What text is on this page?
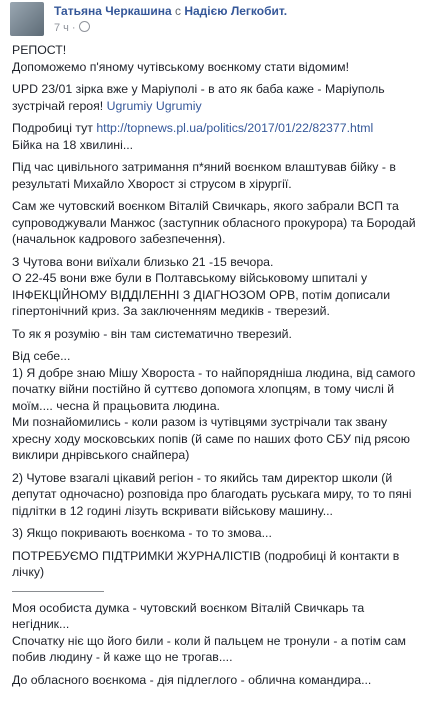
Татьяна Черкашина с Надією Легкобит.
7 ч ·

РЕПОСТ!

Допоможемо п'яному чутівському воєнкому стати відомим!

UPD 23/01 зірка вже у Маріуполі - в ато як баба каже - Маріуполь

зустрічай героя! Ugrumiy Ugrumiy

Подробиці тут http://topnews.pl.ua/politics/2017/01/22/82377.html

Бійка на 18 хвилині...

Під час цивільного затримання п*яний воєнком влаштував бійку - в

результаті Михайло Хворост зі струсом в хірургії.

Сам же чутовский воєнком Віталій Свичкарь, якого забрали ВСП та

супроводжували Манжос (заступник обласного прокурора) та Бородай

(начальнок кадрового забезпечення).

З Чутова вони виїхали близько 21 -15 вечора.

О 22-45 вони вже були в Полтавському військовому шпиталі у

ІНФЕКЦІЙНОМУ ВІДДІЛЕННІ З ДІАГНОЗОМ ОРВ, потім дописали

гіпертонічний криз. За заключенням медиків - тверезий.

То як я розумію - він там систематично тверезий.

Від себе...

1) Я добре знаю Мішу Хвороста - то найпорядніша людина, від самого

початку війни постійно й суттєво допомога хлопцям, в тому числі й

моїм.... чесна й працьовита людина.

Ми познайомились - коли разом із чутівцями зустрічали так звану

хресну ходу московських попів (й саме по наших фото СБУ під рясою

виклири днрівського снайпера)

2) Чутове взагалі цікавий регіон - то якийсь там директор школи (й

депутат одночасно) розповіда про благодать руськага миру, то то пяні

підлітки в 12 годині лізуть вскривати військову машину...

3) Якщо покривають воєнкома - то то змова...

ПОТРЕБУЄМО ПІДТРИМКИ ЖУРНАЛІСТІВ (подробиці й контакти в

лічку)

Моя особиста думка - чутовский воєнком Віталій Свичкарь та негідник...

Спочатку ніє що його били - коли й пальцем не тронули - а потім сам

побив людину - й каже що не трогав....

До обласного воєнкома - дія підлеглого - облична командира...
